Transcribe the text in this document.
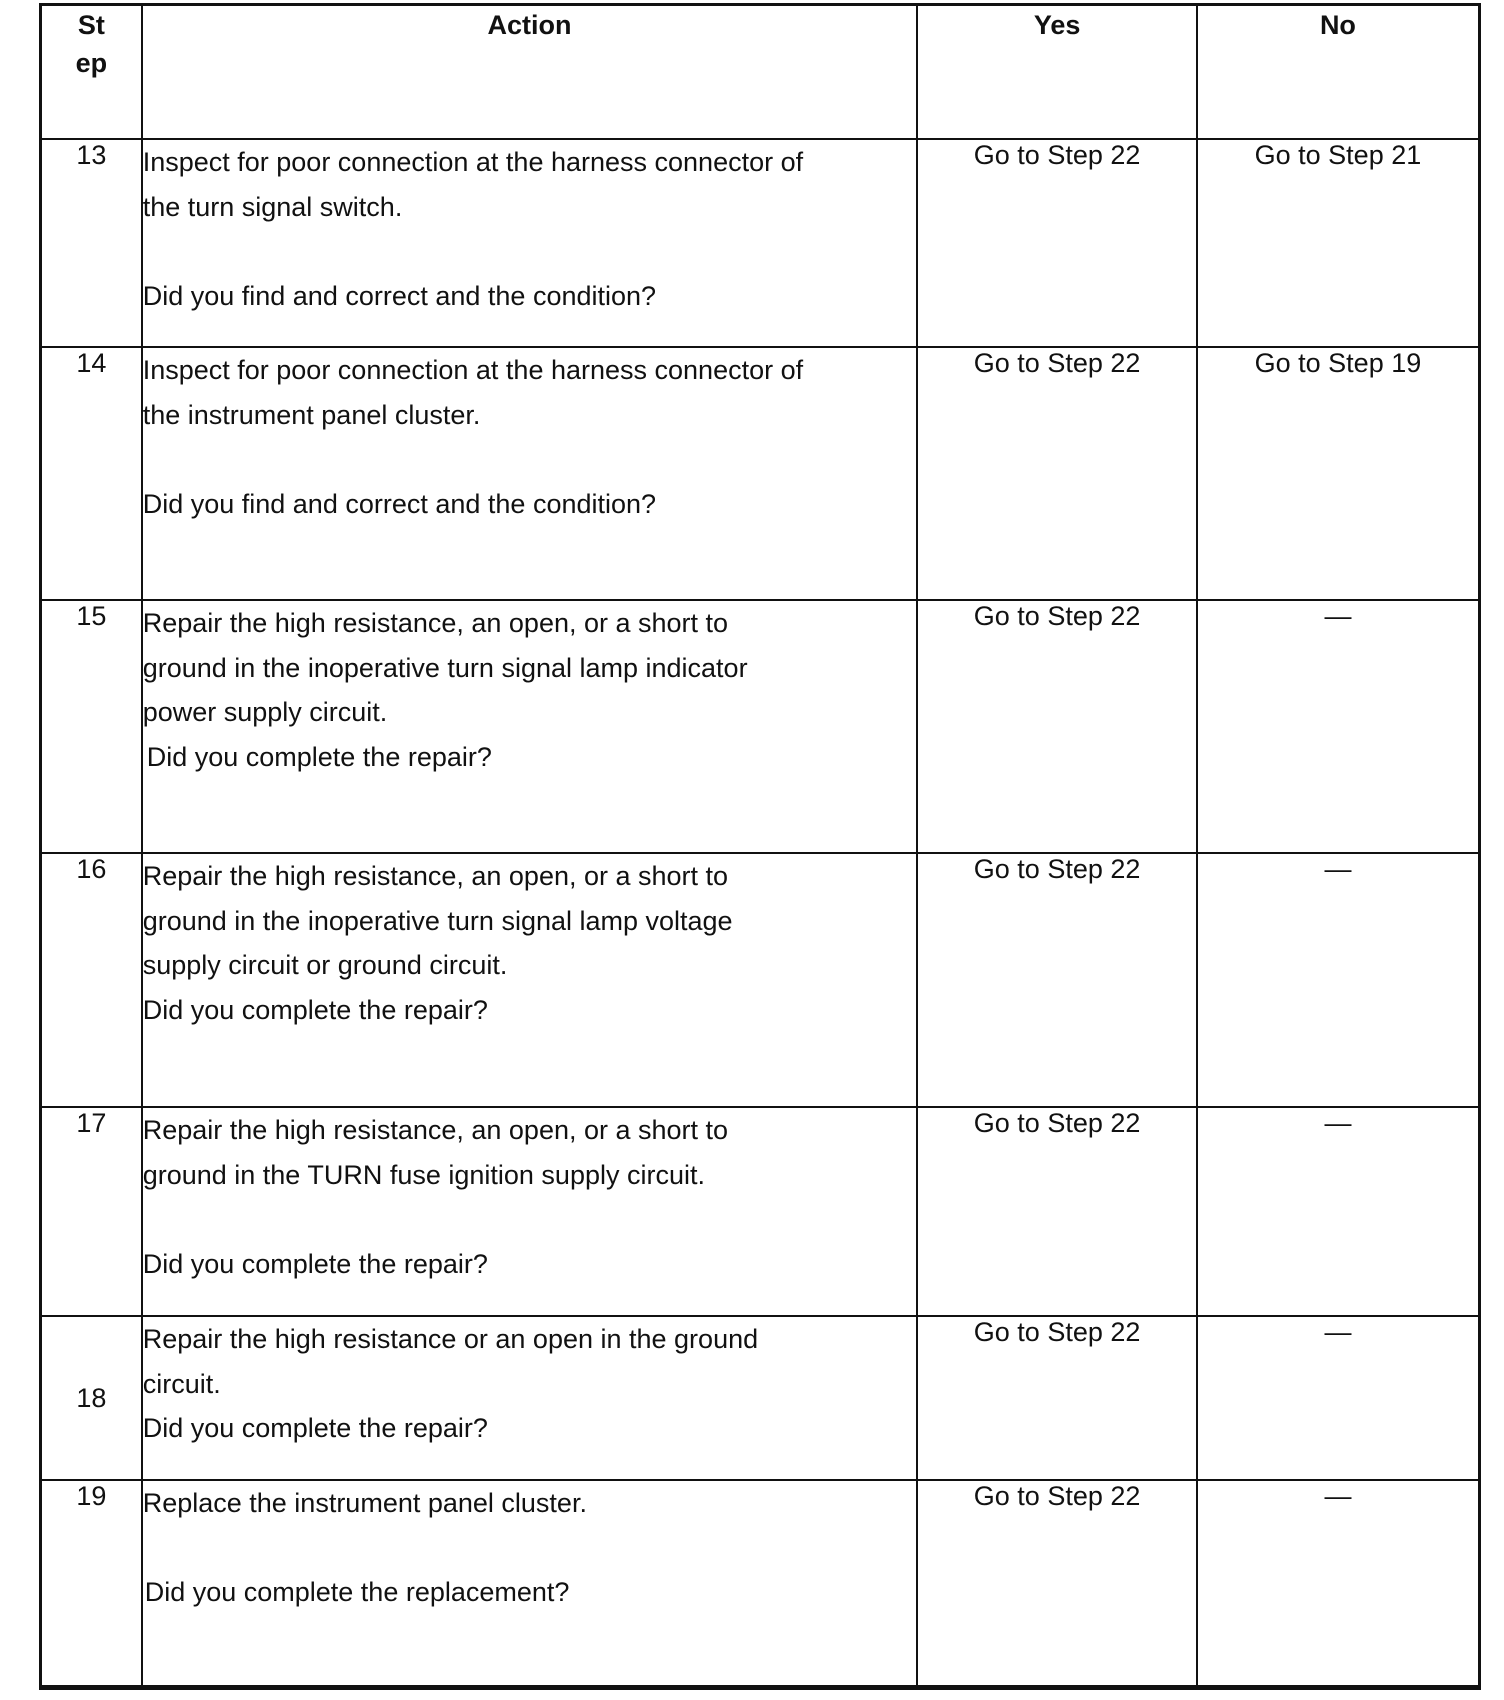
St
ep	Action	Yes	No
13	Inspect for poor connection at the harness connector of
the turn signal switch.
Did you find and correct and the condition?	Go to Step 22	Go to Step 21
14	Inspect for poor connection at the harness connector of
the instrument panel cluster.
Did you find and correct and the condition?	Go to Step 22	Go to Step 19
15	Repair the high resistance, an open, or a short to
ground in the inoperative turn signal lamp indicator
power supply circuit.
Did you complete the repair?	Go to Step 22	—
16	Repair the high resistance, an open, or a short to
ground in the inoperative turn signal lamp voltage
supply circuit or ground circuit.
Did you complete the repair?	Go to Step 22	—
17	Repair the high resistance, an open, or a short to
ground in the TURN fuse ignition supply circuit.
Did you complete the repair?	Go to Step 22	—
18	Repair the high resistance or an open in the ground
circuit.
Did you complete the repair?	Go to Step 22	—
19	Replace the instrument panel cluster.
Did you complete the replacement?	Go to Step 22	—
